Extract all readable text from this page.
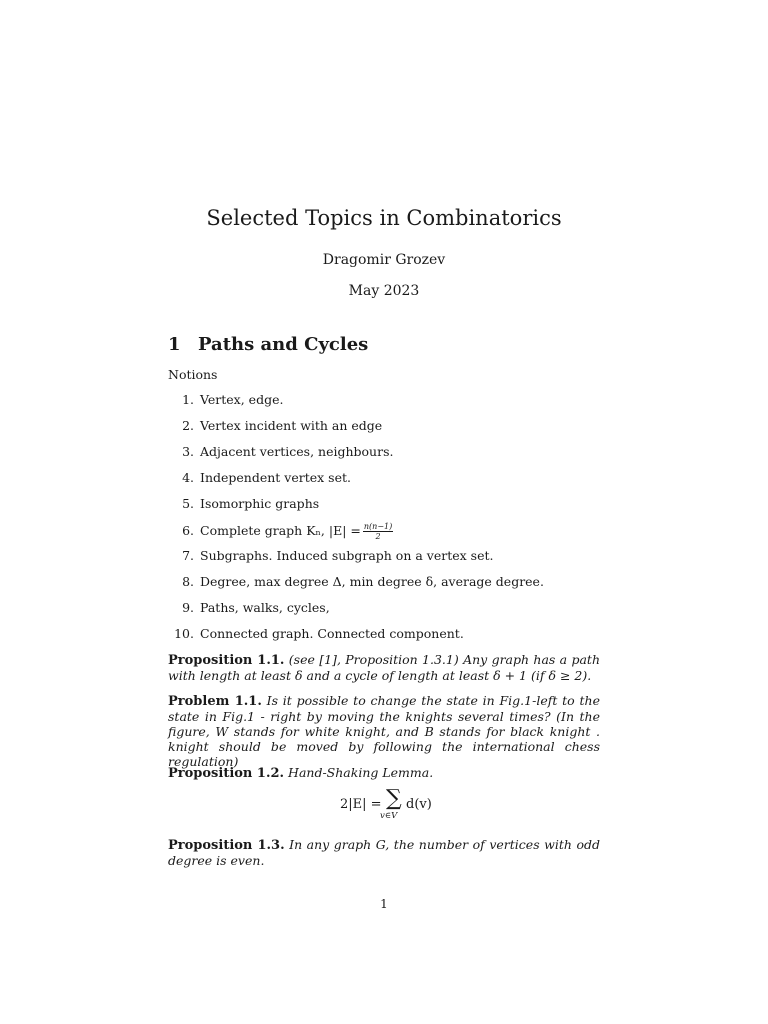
Selected Topics in Combinatorics
Dragomir Grozev
May 2023
1 Paths and Cycles
Notions
1. Vertex, edge.
2. Vertex incident with an edge
3. Adjacent vertices, neighbours.
4. Independent vertex set.
5. Isomorphic graphs
6. Complete graph Kₙ, $|E| = \frac{n(n-1)}{2}$
7. Subgraphs. Induced subgraph on a vertex set.
8. Degree, max degree Δ, min degree δ, average degree.
9. Paths, walks, cycles,
10. Connected graph. Connected component.
Proposition 1.1. (see [1], Proposition 1.3.1) Any graph has a path with length at least δ and a cycle of length at least δ + 1 (if δ ≥ 2).
Problem 1.1. Is it possible to change the state in Fig.1-left to the state in Fig.1 - right by moving the knights several times? (In the figure, W stands for white knight, and B stands for black knight . knight should be moved by following the international chess regulation)
Proposition 1.2. Hand-Shaking Lemma.
2|E| = ∑
v∈V
d(v)
Proposition 1.3. In any graph G, the number of vertices with odd degree is even.
1
